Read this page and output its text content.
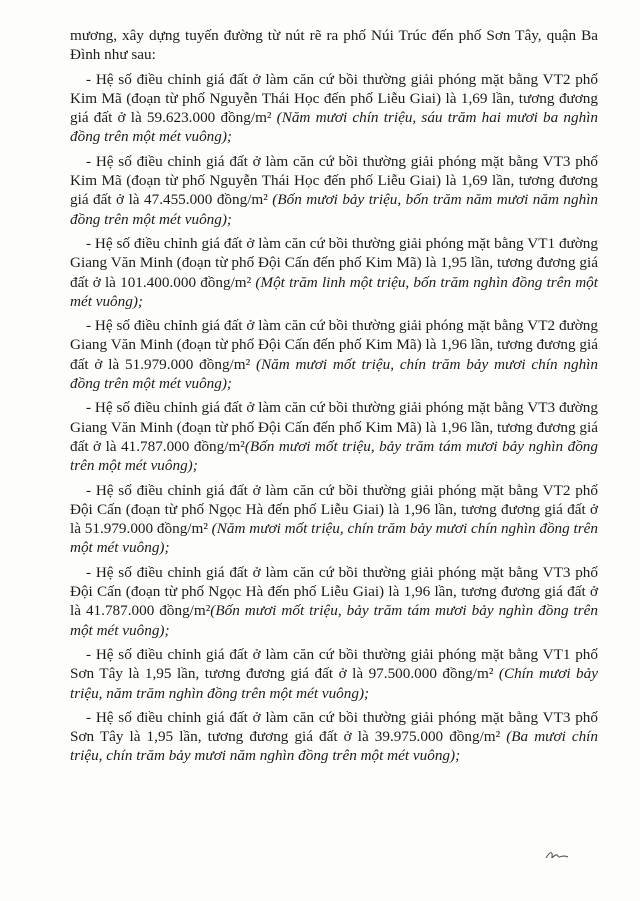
mương, xây dựng tuyến đường từ nút rẽ ra phố Núi Trúc đến phố Sơn Tây, quận Ba Đình như sau:

- Hệ số điều chỉnh giá đất ở làm căn cứ bồi thường giải phóng mặt bằng VT2 phố Kim Mã (đoạn từ phố Nguyễn Thái Học đến phố Liễu Giai) là 1,69 lần, tương đương giá đất ở là 59.623.000 đồng/m² (Năm mươi chín triệu, sáu trăm hai mươi ba nghìn đồng trên một mét vuông);

- Hệ số điều chỉnh giá đất ở làm căn cứ bồi thường giải phóng mặt bằng VT3 phố Kim Mã (đoạn từ phố Nguyễn Thái Học đến phố Liễu Giai) là 1,69 lần, tương đương giá đất ở là 47.455.000 đồng/m² (Bốn mươi bảy triệu, bốn trăm năm mươi năm nghìn đồng trên một mét vuông);

- Hệ số điều chỉnh giá đất ở làm căn cứ bồi thường giải phóng mặt bằng VT1 đường Giang Văn Minh (đoạn từ phố Đội Cấn đến phố Kim Mã) là 1,95 lần, tương đương giá đất ở là 101.400.000 đồng/m² (Một trăm linh một triệu, bốn trăm nghìn đồng trên một mét vuông);

- Hệ số điều chỉnh giá đất ở làm căn cứ bồi thường giải phóng mặt bằng VT2 đường Giang Văn Minh (đoạn từ phố Đội Cấn đến phố Kim Mã) là 1,96 lần, tương đương giá đất ở là 51.979.000 đồng/m² (Năm mươi mốt triệu, chín trăm bảy mươi chín nghìn đồng trên một mét vuông);

- Hệ số điều chỉnh giá đất ở làm căn cứ bồi thường giải phóng mặt bằng VT3 đường Giang Văn Minh (đoạn từ phố Đội Cấn đến phố Kim Mã) là 1,96 lần, tương đương giá đất ở là 41.787.000 đồng/m²(Bốn mươi mốt triệu, bảy trăm tám mươi bảy nghìn đồng trên một mét vuông);

- Hệ số điều chỉnh giá đất ở làm căn cứ bồi thường giải phóng mặt bằng VT2 phố Đội Cấn (đoạn từ phố Ngọc Hà đến phố Liễu Giai) là 1,96 lần, tương đương giá đất ở là 51.979.000 đồng/m² (Năm mươi mốt triệu, chín trăm bảy mươi chín nghìn đồng trên một mét vuông);

- Hệ số điều chỉnh giá đất ở làm căn cứ bồi thường giải phóng mặt bằng VT3 phố Đội Cấn (đoạn từ phố Ngọc Hà đến phố Liễu Giai) là 1,96 lần, tương đương giá đất ở là 41.787.000 đồng/m²(Bốn mươi mốt triệu, bảy trăm tám mươi bảy nghìn đồng trên một mét vuông);

- Hệ số điều chỉnh giá đất ở làm căn cứ bồi thường giải phóng mặt bằng VT1 phố Sơn Tây là 1,95 lần, tương đương giá đất ở là 97.500.000 đồng/m² (Chín mươi bảy triệu, năm trăm nghìn đồng trên một mét vuông);

- Hệ số điều chỉnh giá đất ở làm căn cứ bồi thường giải phóng mặt bằng VT3 phố Sơn Tây là 1,95 lần, tương đương giá đất ở là 39.975.000 đồng/m² (Ba mươi chín triệu, chín trăm bảy mươi năm nghìn đồng trên một mét vuông);
